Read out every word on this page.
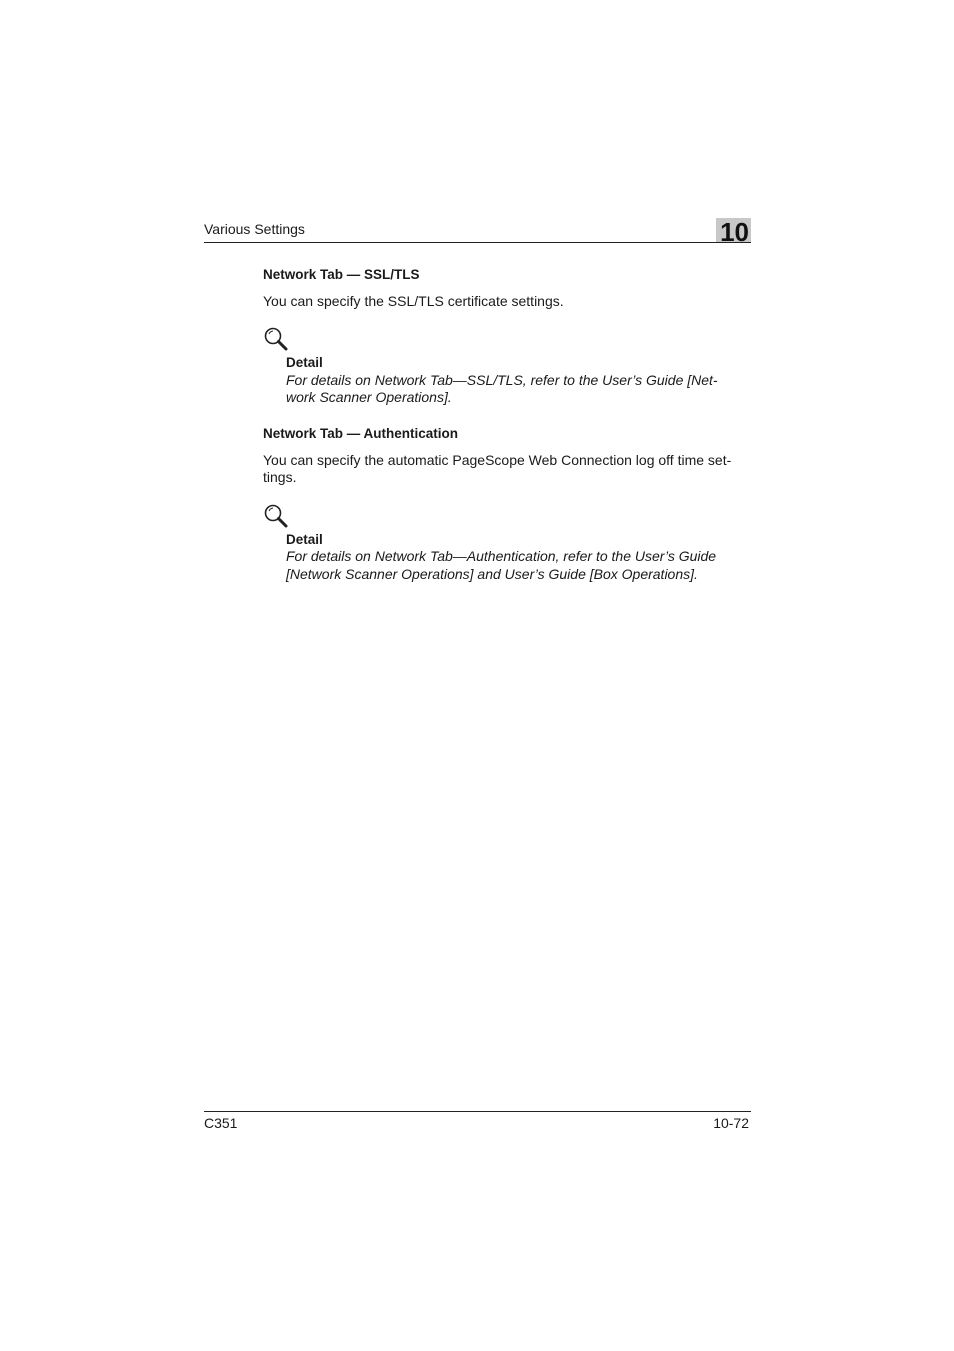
Various Settings	10
Network Tab — SSL/TLS
You can specify the SSL/TLS certificate settings.
Detail
For details on Network Tab—SSL/TLS, refer to the User’s Guide [Net-
work Scanner Operations].
Network Tab — Authentication
You can specify the automatic PageScope Web Connection log off time set-
tings.
Detail
For details on Network Tab—Authentication, refer to the User’s Guide
[Network Scanner Operations] and User’s Guide [Box Operations].
C351	10-72
